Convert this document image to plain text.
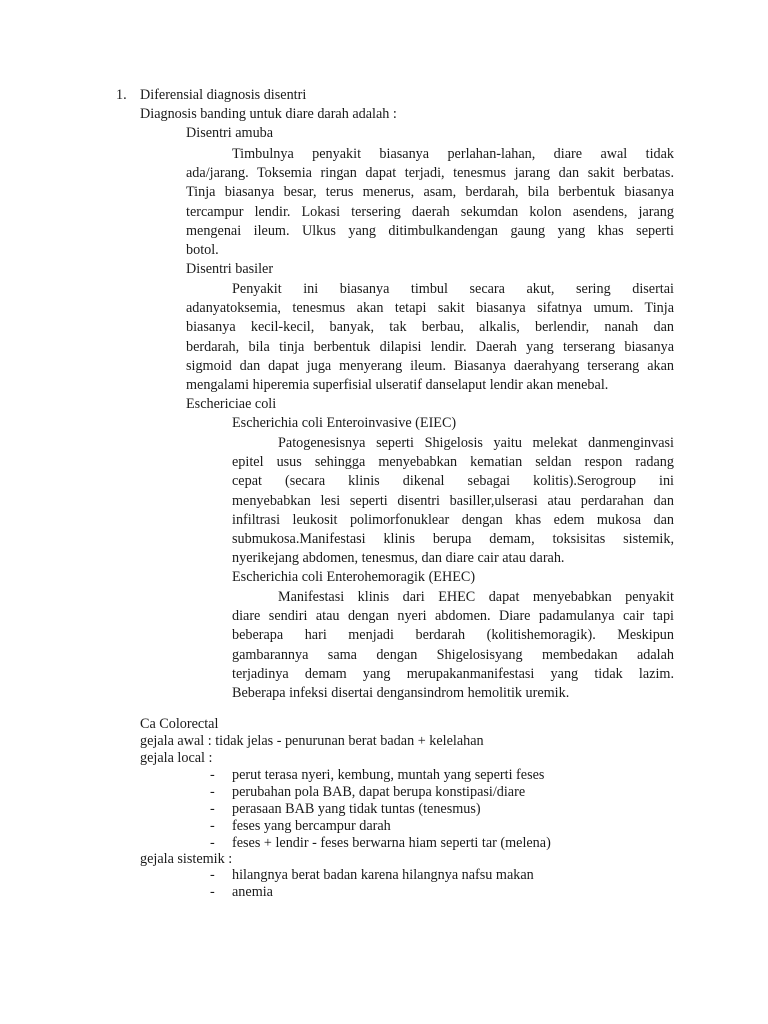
1. Diferensial diagnosis disentri
Diagnosis banding untuk diare darah adalah :
Disentri amuba
Timbulnya penyakit biasanya perlahan-lahan, diare awal tidak
ada/jarang. Toksemia ringan dapat terjadi, tenesmus jarang dan sakit berbatas.
Tinja biasanya besar, terus menerus, asam, berdarah, bila berbentuk biasanya
tercampur lendir. Lokasi tersering daerah sekumdan kolon asendens, jarang
mengenai ileum. Ulkus yang ditimbulkandengan gaung yang khas seperti
botol.
Disentri basiler
Penyakit ini biasanya timbul secara akut, sering disertai
adanyatoksemia, tenesmus akan tetapi sakit biasanya sifatnya umum. Tinja
biasanya kecil-kecil, banyak, tak berbau, alkalis, berlendir, nanah dan
berdarah, bila tinja berbentuk dilapisi lendir. Daerah yang terserang biasanya
sigmoid dan dapat juga menyerang ileum. Biasanya daerahyang terserang akan
mengalami hiperemia superfisial ulseratif danselaput lendir akan menebal.
Eschericiae coli
Escherichia coli Enteroinvasive (EIEC)
Patogenesisnya seperti Shigelosis yaitu melekat danmenginvasi
epitel usus sehingga menyebabkan kematian seldan respon radang
cepat (secara klinis dikenal sebagai kolitis).Serogroup ini
menyebabkan lesi seperti disentri basiller,ulserasi atau perdarahan dan
infiltrasi leukosit polimorfonuklear dengan khas edem mukosa dan
submukosa.Manifestasi klinis berupa demam, toksisitas sistemik,
nyerikejang abdomen, tenesmus, dan diare cair atau darah.
Escherichia coli Enterohemoragik (EHEC)
Manifestasi klinis dari EHEC dapat menyebabkan penyakit
diare sendiri atau dengan nyeri abdomen. Diare padamulanya cair tapi
beberapa hari menjadi berdarah (kolitishemoragik). Meskipun
gambarannya sama dengan Shigelosisyang membedakan adalah
terjadinya demam yang merupakanmanifestasi yang tidak lazim.
Beberapa infeksi disertai dengansindrom hemolitik uremik.
Ca Colorectal
gejala awal : tidak jelas - penurunan berat badan + kelelahan
gejala local :
- perut terasa nyeri, kembung, muntah yang seperti feses
- perubahan pola BAB, dapat berupa konstipasi/diare
- perasaan BAB yang tidak tuntas (tenesmus)
- feses yang bercampur darah
- feses + lendir - feses berwarna hiam seperti tar (melena)
gejala sistemik :
- hilangnya berat badan karena hilangnya nafsu makan
- anemia
